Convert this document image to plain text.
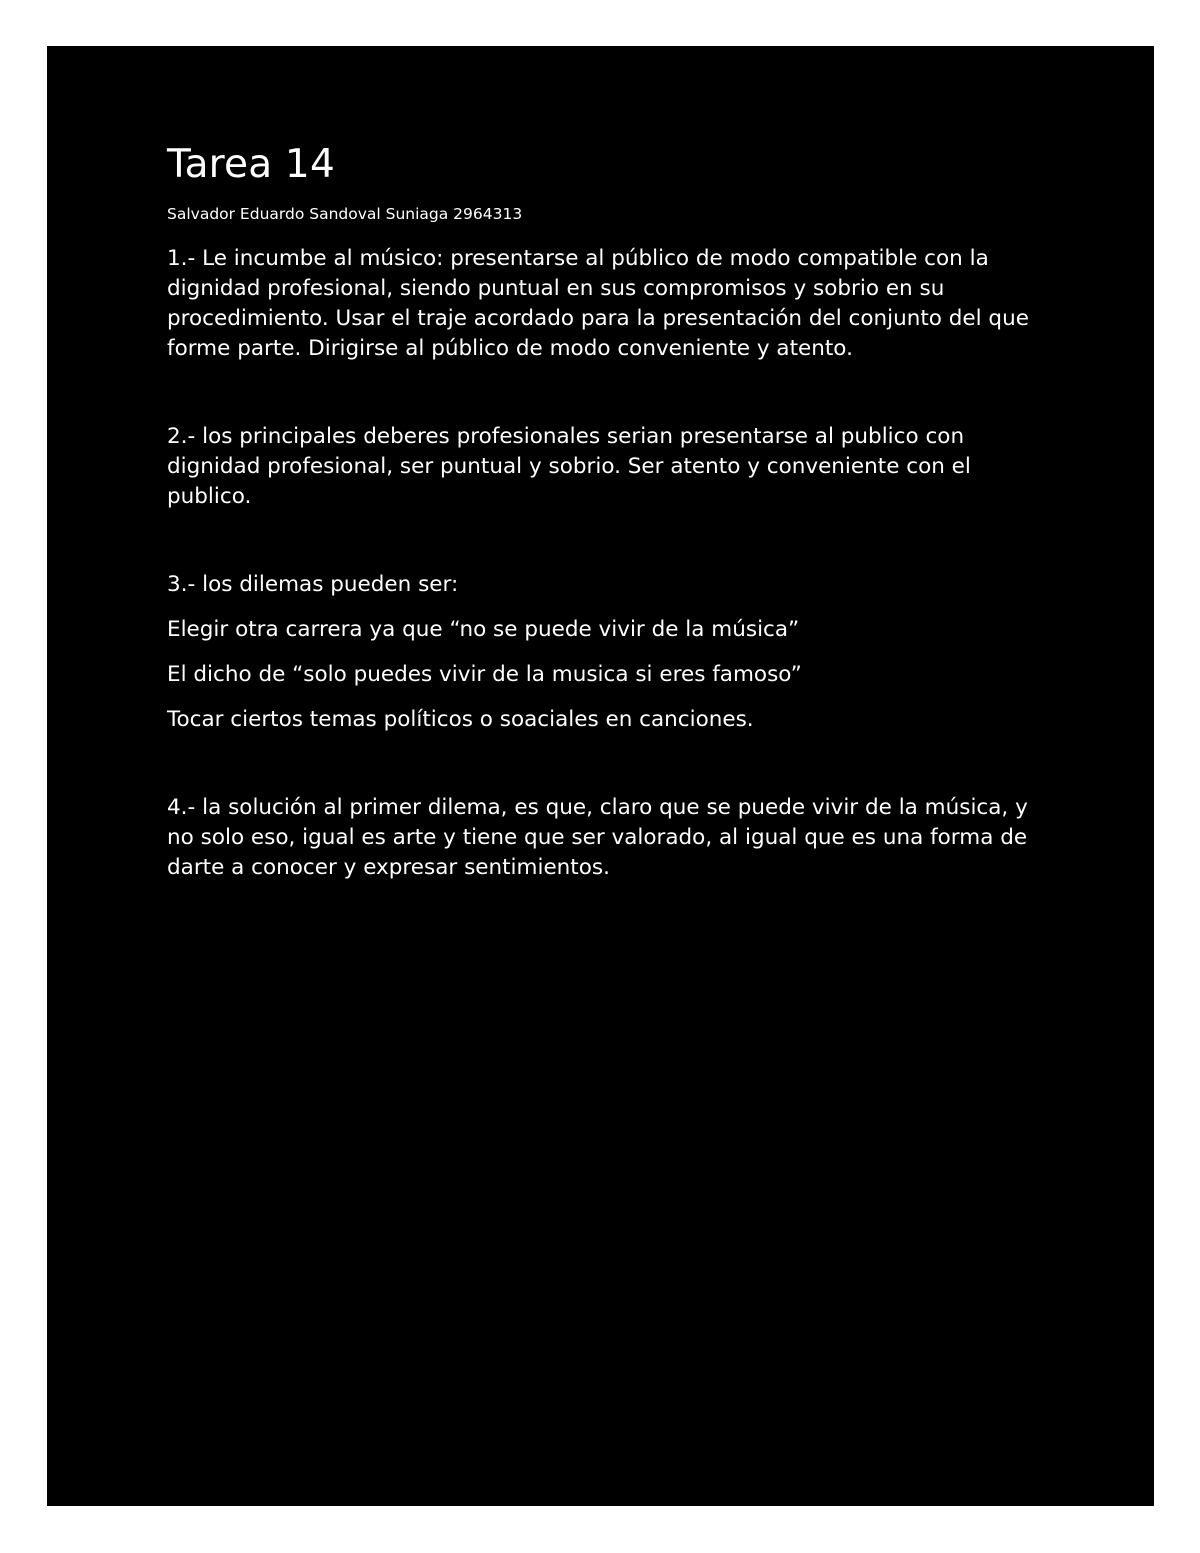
Tarea 14

Salvador Eduardo Sandoval Suniaga 2964313

1.- Le incumbe al músico: presentarse al público de modo compatible con la dignidad profesional, siendo puntual en sus compromisos y sobrio en su procedimiento. Usar el traje acordado para la presentación del conjunto del que forme parte. Dirigirse al público de modo conveniente y atento.

2.- los principales deberes profesionales serian presentarse al publico con dignidad profesional, ser puntual y sobrio. Ser atento y conveniente con el publico.

3.- los dilemas pueden ser:

Elegir otra carrera ya que “no se puede vivir de la música”

El dicho de “solo puedes vivir de la musica si eres famoso”

Tocar ciertos temas políticos o soaciales en canciones.

4.- la solución al primer dilema, es que, claro que se puede vivir de la música, y no solo eso, igual es arte y tiene que ser valorado, al igual que es una forma de darte a conocer y expresar sentimientos.
